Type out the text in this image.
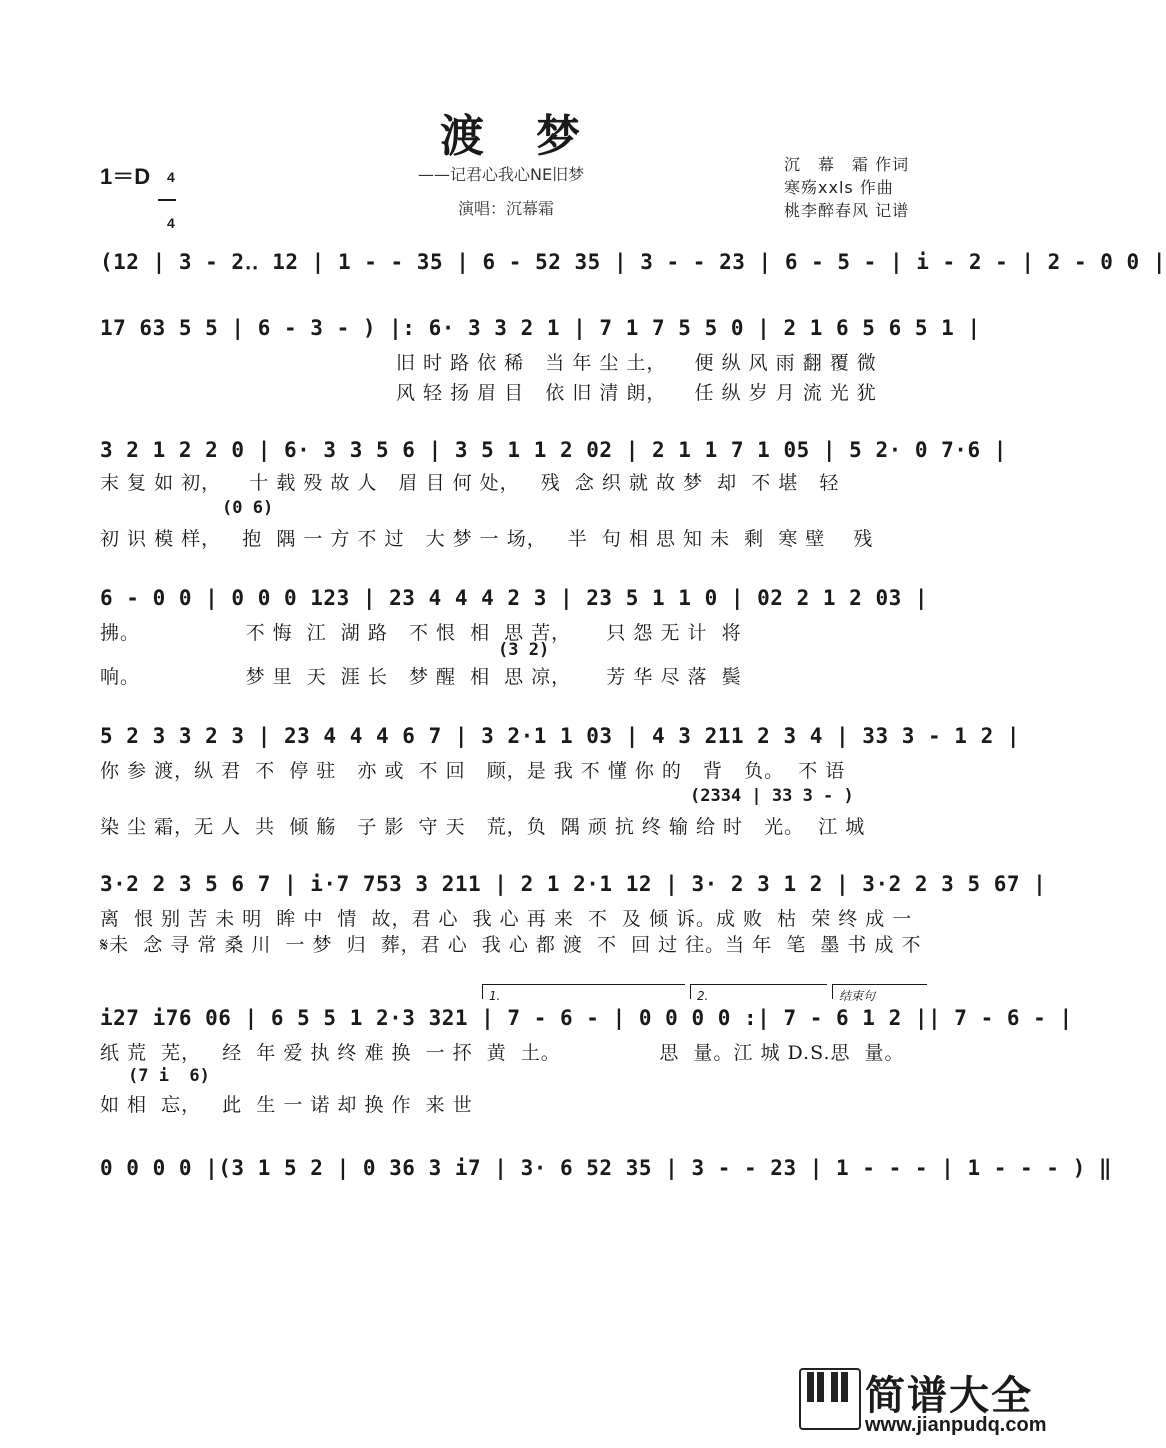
渡　梦
1＝D	4

4

——记君心我心NE旧梦
演唱：沉幕霜
沉　幕　霜 作词
寒殇xxls 作曲
桃李醉春风 记谱
(12 | 3 - 2‥ 12 | 1 - - 35 | 6 - 52 35 | 3 - - 23 | 6 - 5 - | i - 2 - | 2 - 0 0 |
17 63 5 5 | 6 - 3 - ) |: 6· 3 3 2 1 | 7 1 7 5 5 0 | 2 1 6 5 6 5 1 |
旧 时 路 依 稀   当 年 尘 土，    便 纵 风 雨 翻 覆 微
风 轻 扬 眉 目   依 旧 清 朗，    任 纵 岁 月 流 光 犹
3 2 1 2 2 0 | 6· 3 3 5 6 | 3 5 1 1 2 02 | 2 1 1 7 1 05 | 5 2· 0 7·6 |
末 复 如 初，    十 载 殁 故 人   眉 目 何 处，   残  念 织 就 故 梦  却  不 堪   轻
(0 6)
初 识 模 样，   抱  隅 一 方 不 过   大 梦 一 场，   半  句 相 思 知 未  剩  寒 壁    残
6 - 0 0 | 0 0 0 123 | 23 4 4 4 2 3 | 23 5 1 1 0 | 02 2 1 2 03 |
拂。               不 悔  江  湖 路   不 恨  相  思 苦，     只 怨 无 计  将
(3 2)
响。               梦 里  天  涯 长   梦 醒  相  思 凉，     芳 华 尽 落  鬓
5 2 3 3 2 3 | 23 4 4 4 6 7 | 3 2·1 1 03 | 4 3 211 2 3 4 | 33 3 - 1 2 |
你 参 渡，纵 君  不  停 驻   亦 或  不 回   顾，是 我 不 懂 你 的   背   负。  不 语
(2334 | 33 3 - )
染 尘 霜，无 人  共  倾 觞   子 影  守 天   荒，负  隅 顽 抗 终 输 给 时   光。  江 城
3·2 2 3 5 6 7 | i·7 753 3 211 | 2 1 2·1 12 | 3· 2 3 1 2 | 3·2 2 3 5 67 |
离  恨 别 苦 未 明  眸 中  情  故，君 心  我 心 再 来  不  及 倾 诉。成 败  枯  荣 终 成 一
𝄋未  念 寻 常 桑 川  一 梦  归  葬，君 心  我 心 都 渡  不  回 过 往。当 年  笔  墨 书 成 不
1.	2.	结束句
i27 i76 06 | 6 5 5 1 2·3 321 | 7 - 6 - | 0 0 0 0 :| 7 - 6 1 2 || 7 - 6 - |
纸 荒  芜，   经  年 爱 执 终 难 换  一 抔  黄  土。              思  量。江 城 D.S.思  量。
(7 i  6)
如 相  忘，   此  生 一 诺 却 换 作  来 世
0 0 0 0 |(3 1 5 2 | 0 36 3 i7 | 3· 6 52 35 | 3 - - 23 | 1 - - - | 1 - - - ) ‖

简谱大全

www.jianpudq.com
